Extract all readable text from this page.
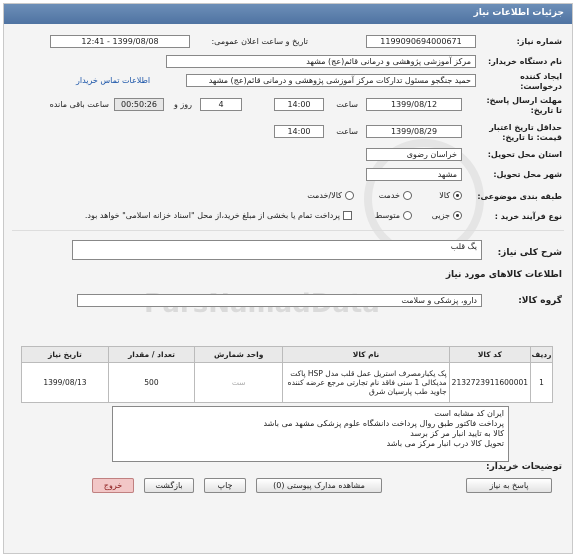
جزئیات اطلاعات نیاز
شماره نیاز:
1199090694000671
تاریخ و ساعت اعلان عمومی:
1399/08/08 - 12:41
نام دستگاه خریدار:
مرکز آموزشی پژوهشی و درمانی قائم(عج) مشهد
ایجاد کننده درخواست:
حمید جنگجو مسئول تدارکات مرکز آموزشی پژوهشی و درمانی قائم(عج) مشهد
اطلاعات تماس خریدار
مهلت ارسال پاسخ: تا تاریخ:
1399/08/12
ساعت
14:00
4
روز و
00:50:26
ساعت باقی مانده
حداقل تاریخ اعتبار قیمت: تا تاریخ:
1399/08/29
ساعت
14:00
استان محل تحویل:
خراسان رضوی
شهر محل تحویل:
مشهد
طبقه بندی موضوعی:
کالا
خدمت
کالا/خدمت
نوع فرآیند خرید :
جزیی
متوسط
پرداخت تمام یا بخشی از مبلغ خرید،از محل "اسناد خزانه اسلامی" خواهد بود.
شرح کلی نیاز:
یگ قلب
اطلاعات کالاهای مورد نیاز
گروه کالا:
دارو، پزشکی و سلامت
ردیف	کد کالا	نام کالا	واحد شمارش	تعداد / مقدار	تاریخ نیاز
1	2132723911600001	پک یکبارمصرف استریل عمل قلب مدل HSP پاکت مدیکالی 1 سنی فاقد نام تجارتی مرجع عرضه کننده جاوید طب پارسیان شرق	ست	500	1399/08/13
توضیحات خریدار:
ایران کد مشابه است
پرداخت فاکتور طبق روال پرداخت دانشگاه علوم پزشکی مشهد می باشد
کالا به تایید انبار مر کز برسد
تحویل کالا درب انبار مرکز می باشد
پاسخ به نیاز
مشاهده مدارک پیوستی (0)
چاپ
بازگشت
خروج
